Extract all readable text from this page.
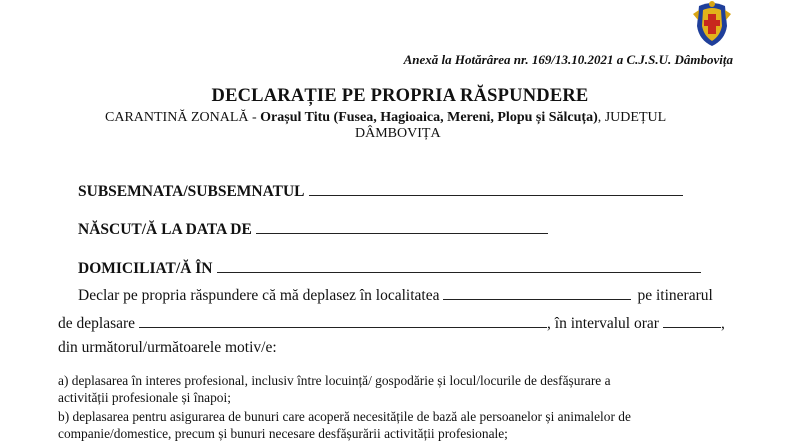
Anexă la Hotărârea nr. 169/13.10.2021 a C.J.S.U. Dâmbovița
DECLARAȚIE PE PROPRIA RĂSPUNDERE
CARANTINĂ ZONALĂ - Orașul Titu (Fusea, Hagioaica, Mereni, Plopu și Sălcuța), JUDEȚUL
DÂMBOVIȚA
SUBSEMNATA/SUBSEMNATUL
NĂSCUT/Ă LA DATA DE
DOMICILIAT/Ă ÎN
Declar pe propria răspundere că mă deplasez în localitatea	pe itinerarul
de deplasare	, în intervalul orar	,
din următorul/următoarele motiv/e:
a) deplasarea în interes profesional, inclusiv între locuință/ gospodărie și locul/locurile de desfășurare a
activității profesionale și înapoi;
b) deplasarea pentru asigurarea de bunuri care acoperă necesitățile de bază ale persoanelor și animalelor de
companie/domestice, precum și bunuri necesare desfășurării activității profesionale;
